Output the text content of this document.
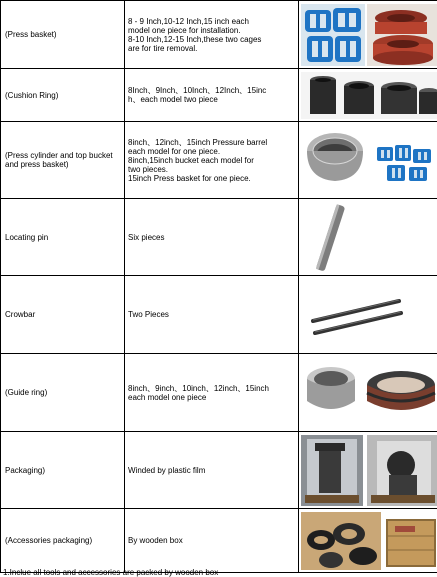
(Press basket)	8 - 9 Inch,10-12 Inch,15 inch each
model one piece for installation.
8-10 Inch,12-15 Inch,these two cages
are for tire removal.

(Cushion Ring)	8Inch、9Inch、10Inch、12Inch、15inc
h、each model two piece

(Press cylinder and top bucket and press basket)	8inch、12inch、15inch Pressure barrel
each model for one piece.
8inch,15inch bucket each model for
two pieces.
15inch Press basket for one piece.

Locating pin	Six pieces

Crowbar	Two Pieces

(Guide ring)	8inch、9inch、10inch、12inch、15inch
each model one piece

Packaging)	Winded by plastic film

(Accessories packaging)	By wooden box

1.Inclue all tools and accessories are packed by wooden box
